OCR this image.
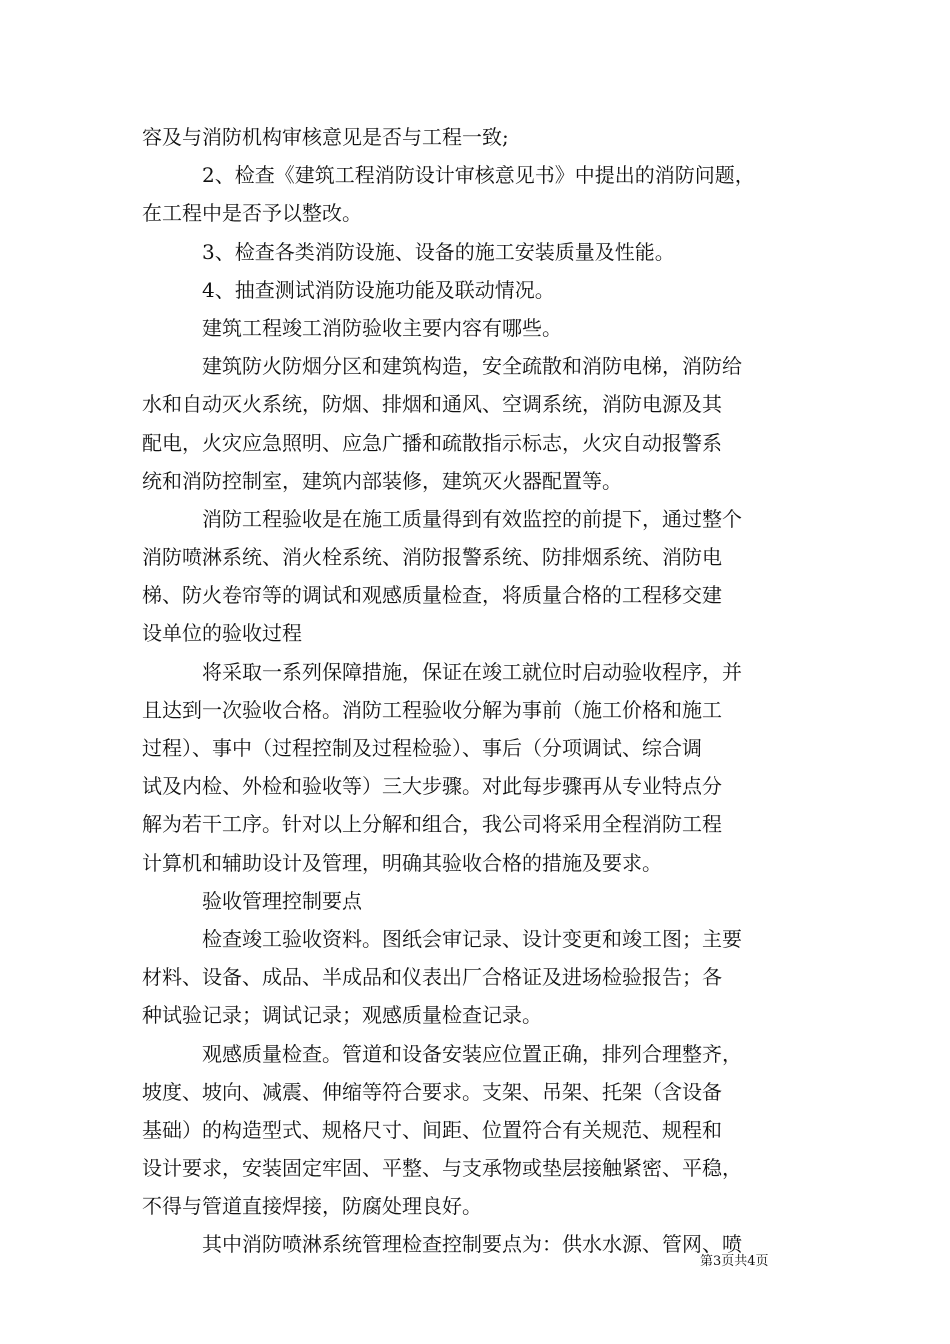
容及与消防机构审核意见是否与工程一致;
2、检查《建筑工程消防设计审核意见书》中提出的消防问题，
在工程中是否予以整改。
3、检查各类消防设施、设备的施工安装质量及性能。
4、抽查测试消防设施功能及联动情况。
建筑工程竣工消防验收主要内容有哪些。
建筑防火防烟分区和建筑构造，安全疏散和消防电梯，消防给
水和自动灭火系统，防烟、排烟和通风、空调系统，消防电源及其
配电，火灾应急照明、应急广播和疏散指示标志，火灾自动报警系
统和消防控制室，建筑内部装修，建筑灭火器配置等。
消防工程验收是在施工质量得到有效监控的前提下，通过整个
消防喷淋系统、消火栓系统、消防报警系统、防排烟系统、消防电
梯、防火卷帘等的调试和观感质量检查，将质量合格的工程移交建
设单位的验收过程
将采取一系列保障措施，保证在竣工就位时启动验收程序，并
且达到一次验收合格。消防工程验收分解为事前（施工价格和施工
过程）、事中（过程控制及过程检验）、事后（分项调试、综合调
试及内检、外检和验收等）三大步骤。对此每步骤再从专业特点分
解为若干工序。针对以上分解和组合，我公司将采用全程消防工程
计算机和辅助设计及管理，明确其验收合格的措施及要求。
验收管理控制要点
检查竣工验收资料。图纸会审记录、设计变更和竣工图；主要
材料、设备、成品、半成品和仪表出厂合格证及进场检验报告；各
种试验记录；调试记录；观感质量检查记录。
观感质量检查。管道和设备安装应位置正确，排列合理整齐，
坡度、坡向、减震、伸缩等符合要求。支架、吊架、托架（含设备
基础）的构造型式、规格尺寸、间距、位置符合有关规范、规程和
设计要求，安装固定牢固、平整、与支承物或垫层接触紧密、平稳，
不得与管道直接焊接，防腐处理良好。
其中消防喷淋系统管理检查控制要点为：供水水源、管网、喷
第3页共4页
